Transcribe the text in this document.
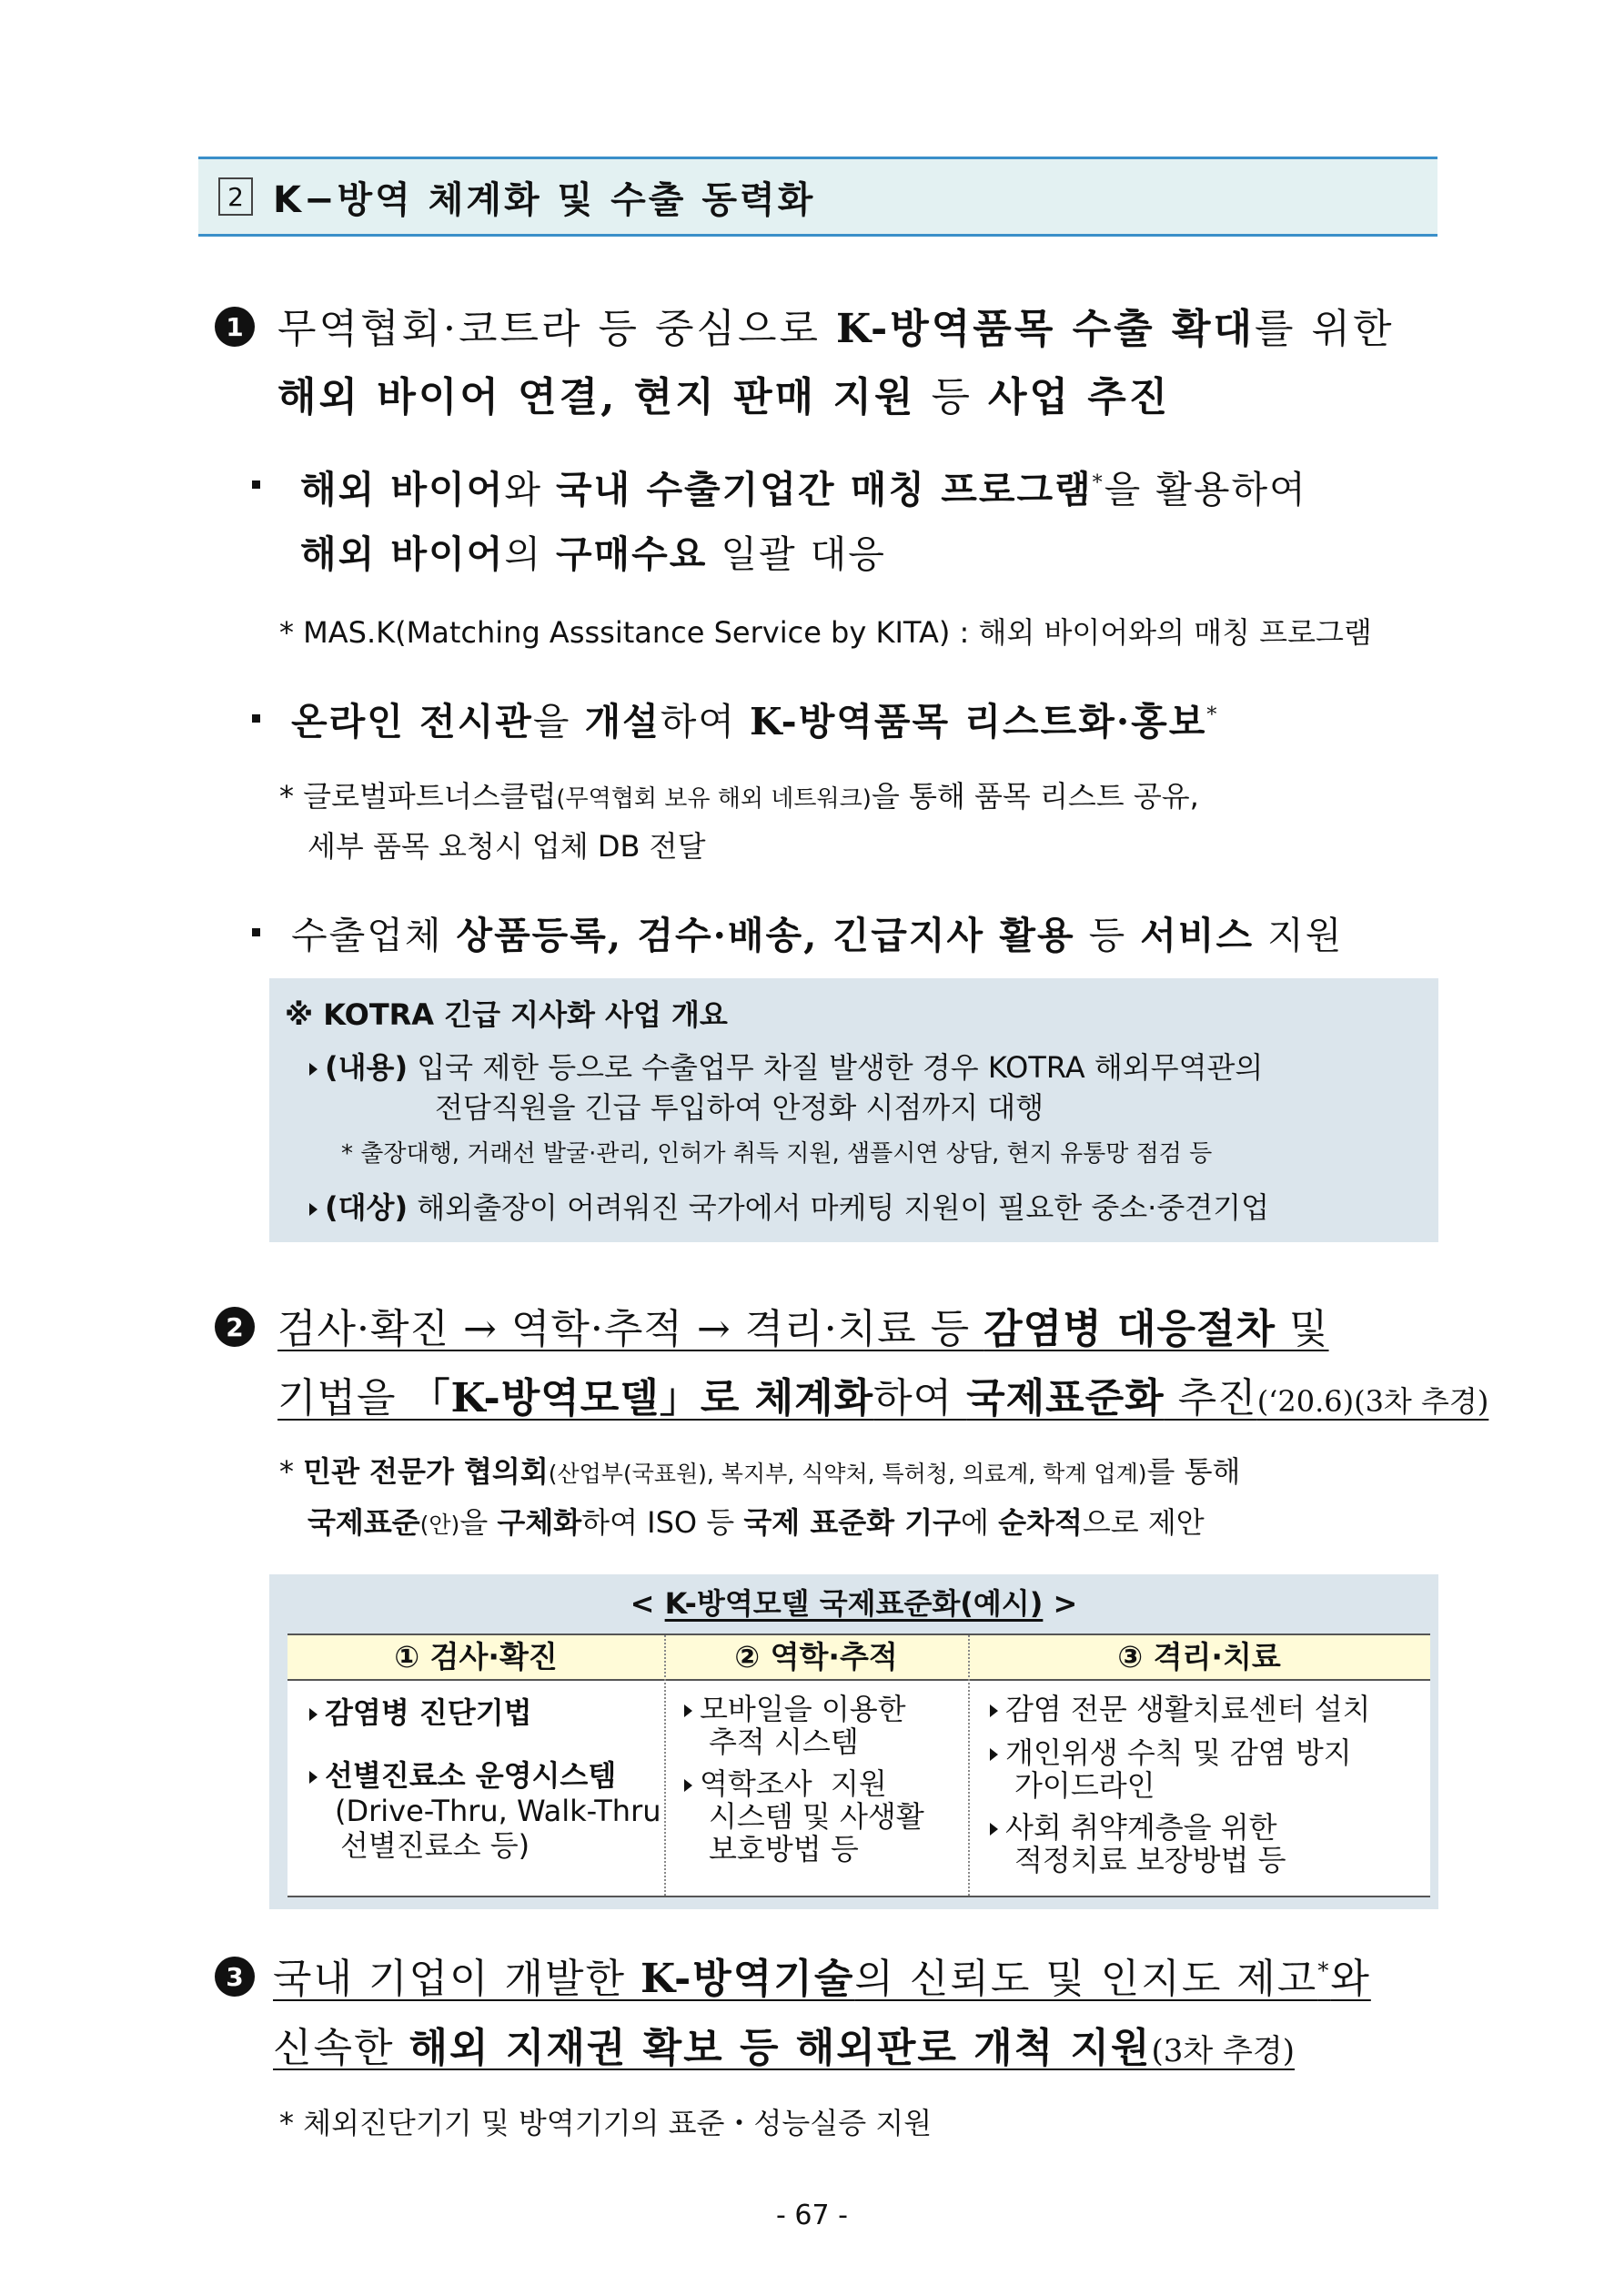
2 K−방역 체계화 및 수출 동력화
1 무역협회·코트라 등 중심으로 K-방역품목 수출 확대를 위한
해외 바이어 연결, 현지 판매 지원 등 사업 추진
해외 바이어와 국내 수출기업간 매칭 프로그램*을 활용하여
해외 바이어의 구매수요 일괄 대응
* MAS.K(Matching Asssitance Service by KITA) : 해외 바이어와의 매칭 프로그램
온라인 전시관을 개설하여 K-방역품목 리스트화·홍보*
* 글로벌파트너스클럽(무역협회 보유 해외 네트워크)을 통해 품목 리스트 공유,
세부 품목 요청시 업체 DB 전달
수출업체 상품등록, 검수·배송, 긴급지사 활용 등 서비스 지원
※ KOTRA 긴급 지사화 사업 개요
(내용) 입국 제한 등으로 수출업무 차질 발생한 경우 KOTRA 해외무역관의
전담직원을 긴급 투입하여 안정화 시점까지 대행
* 출장대행, 거래선 발굴·관리, 인허가 취득 지원, 샘플시연 상담, 현지 유통망 점검 등
(대상) 해외출장이 어려워진 국가에서 마케팅 지원이 필요한 중소·중견기업
2 검사·확진 → 역학·추적 → 격리·치료 등 감염병 대응절차 및
기법을 「K-방역모델」로 체계화하여 국제표준화 추진(‘20.6)(3차 추경)
* 민관 전문가 협의회(산업부(국표원), 복지부, 식약처, 특허청, 의료계, 학계 업계)를 통해
국제표준(안)을 구체화하여 ISO 등 국제 표준화 기구에 순차적으로 제안
< K-방역모델 국제표준화(예시) >
① 검사·확진	② 역학·추적	③ 격리·치료
감염병 진단기법
선별진료소 운영시스템
(Drive-Thru, Walk-Thru
선별진료소 등)
모바일을 이용한
추적 시스템
역학조사  지원
시스템 및 사생활
보호방법 등
감염 전문 생활치료센터 설치
개인위생 수칙 및 감염 방지
가이드라인
사회 취약계층을 위한
적정치료 보장방법 등
3 국내 기업이 개발한 K-방역기술의 신뢰도 및 인지도 제고*와
신속한 해외 지재권 확보 등 해외판로 개척 지원(3차 추경)
* 체외진단기기 및 방역기기의 표준・성능실증 지원
- 67 -
